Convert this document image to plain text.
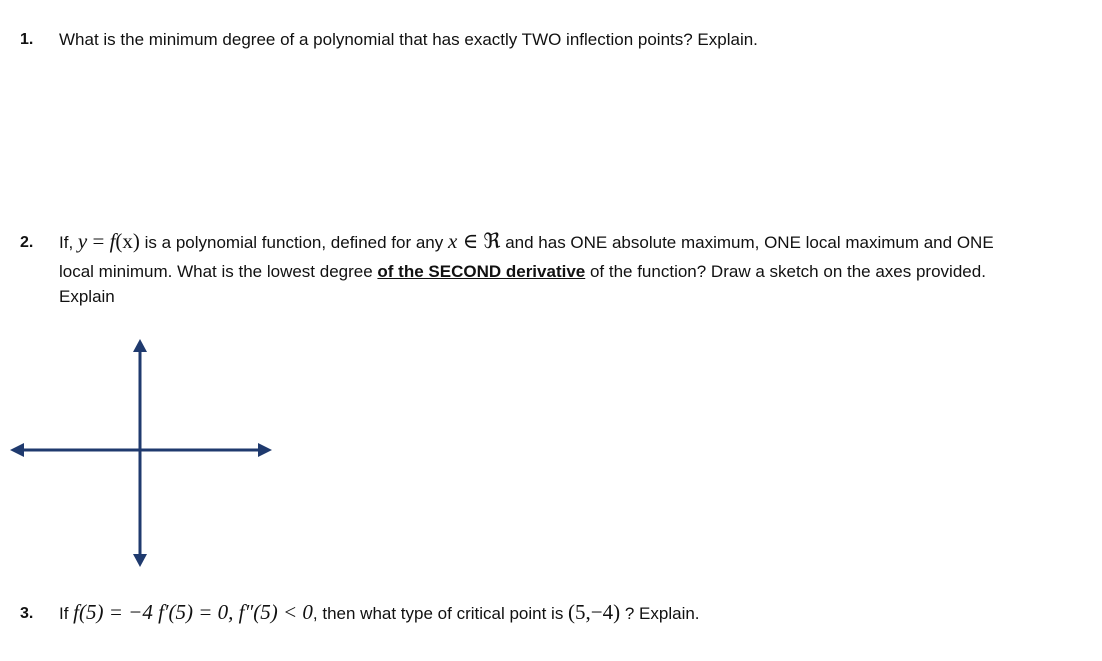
1. What is the minimum degree of a polynomial that has exactly TWO inflection points? Explain.
2. If, y = f(x) is a polynomial function, defined for any x ∈ ℜ and has ONE absolute maximum, ONE local maximum and ONE
local minimum. What is the lowest degree of the SECOND derivative of the function? Draw a sketch on the axes provided.
Explain
3. If f(5) = −4 f′(5) = 0, f″(5) < 0, then what type of critical point is (5,−4) ? Explain.
